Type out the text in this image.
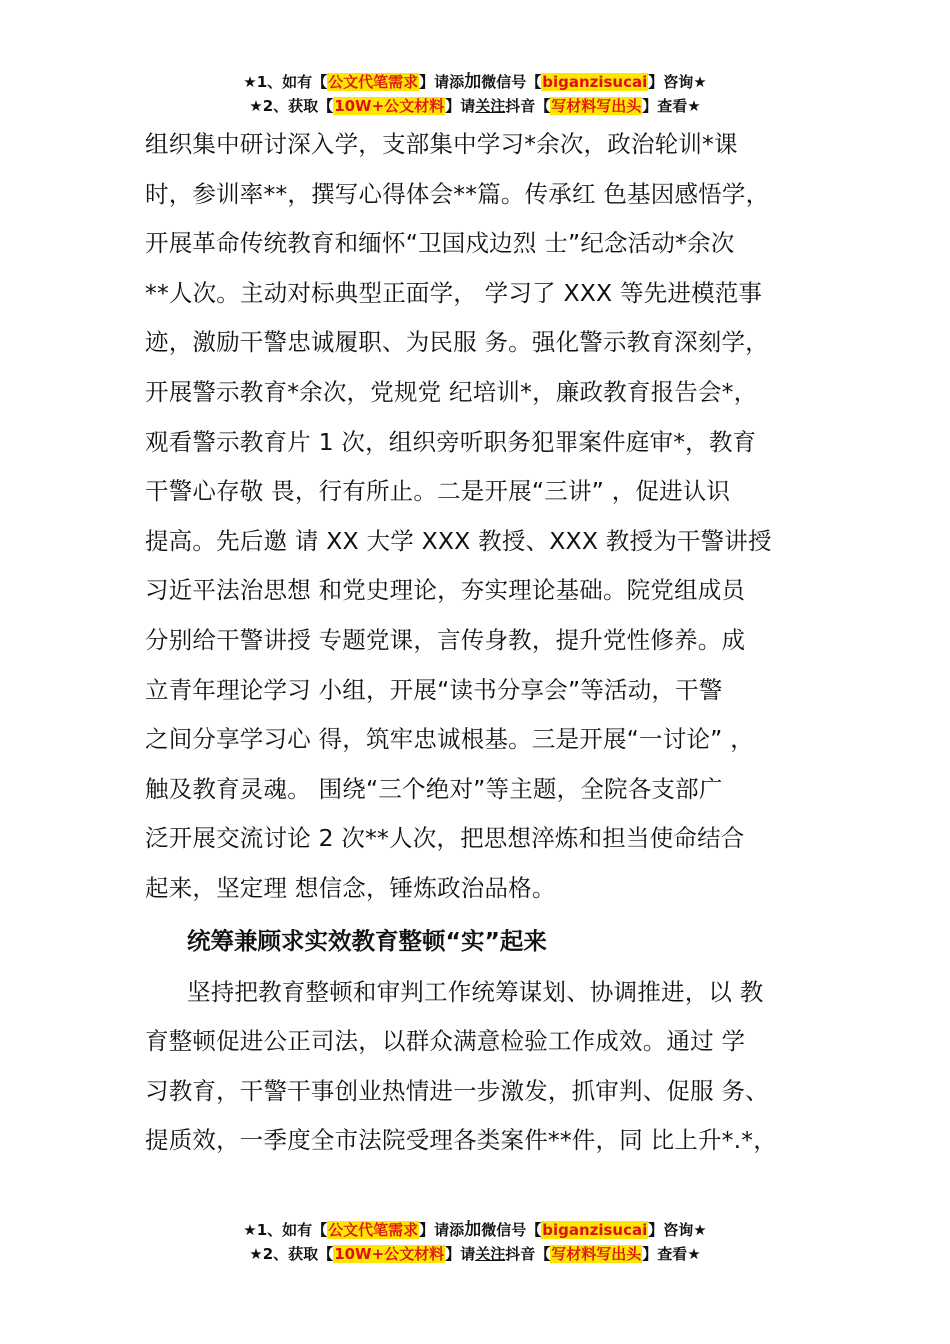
★1、如有【公文代笔需求】请添加微信号【biganzisucai】咨询★
★2、获取【10W+公文材料】请关注抖音【写材料写出头】查看★

组织集中研讨深入学，支部集中学习*余次，政治轮训*课
时，参训率**，撰写心得体会**篇。传承红 色基因感悟学，
开展革命传统教育和缅怀“卫国戍边烈 士”纪念活动*余次
**人次。主动对标典型正面学， 学习了 XXX 等先进模范事
迹，激励干警忠诚履职、为民服 务。强化警示教育深刻学，
开展警示教育*余次，党规党 纪培训*，廉政教育报告会*，
观看警示教育片 1 次，组织旁听职务犯罪案件庭审*，教育
干警心存敬 畏，行有所止。二是开展“三讲” ，促进认识
提高。先后邀 请 XX 大学 XXX 教授、XXX 教授为干警讲授
习近平法治思想 和党史理论，夯实理论基础。院党组成员
分别给干警讲授 专题党课，言传身教，提升党性修养。成
立青年理论学习 小组，开展“读书分享会”等活动，干警
之间分享学习心 得，筑牢忠诚根基。三是开展“一讨论” ，
触及教育灵魂。 围绕“三个绝对”等主题，全院各支部广
泛开展交流讨论 2 次**人次，把思想淬炼和担当使命结合
起来，坚定理 想信念，锤炼政治品格。

统筹兼顾求实效教育整顿“实”起来

坚持把教育整顿和审判工作统筹谋划、协调推进，以 教
育整顿促进公正司法，以群众满意检验工作成效。通过 学
习教育，干警干事创业热情进一步激发，抓审判、促服 务、
提质效，一季度全市法院受理各类案件**件，同 比上升*.*，

★1、如有【公文代笔需求】请添加微信号【biganzisucai】咨询★
★2、获取【10W+公文材料】请关注抖音【写材料写出头】查看★
